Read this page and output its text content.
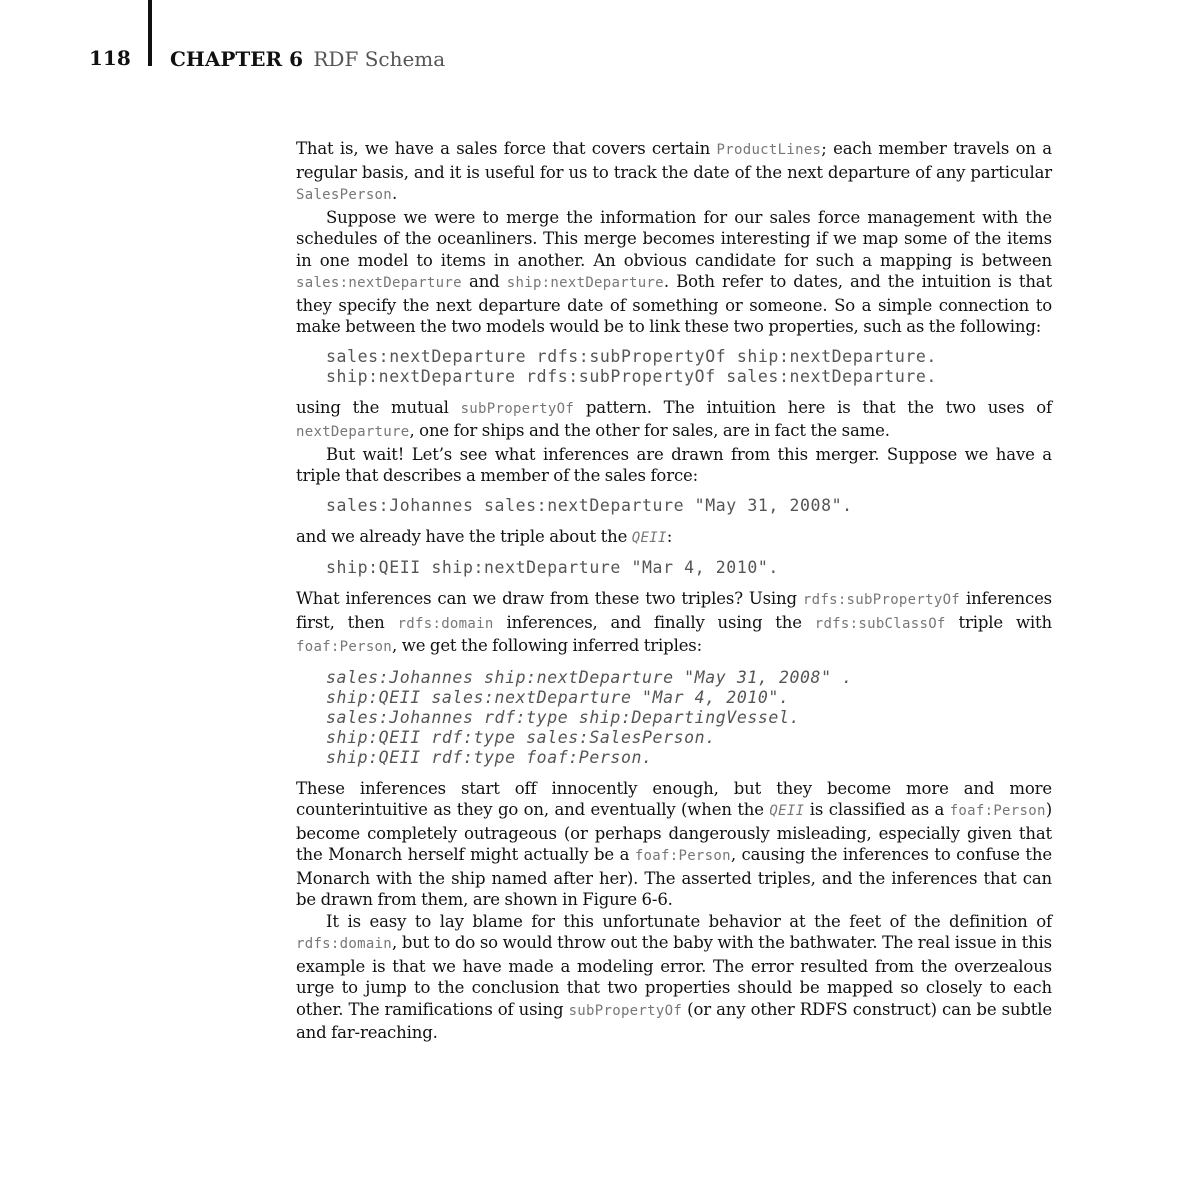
118 CHAPTER 6 RDF Schema

That is, we have a sales force that covers certain ProductLines; each member travels on a regular basis, and it is useful for us to track the date of the next departure of any particular SalesPerson.

Suppose we were to merge the information for our sales force management with the schedules of the oceanliners. This merge becomes interesting if we map some of the items in one model to items in another. An obvious candidate for such a mapping is between sales:nextDeparture and ship:nextDeparture. Both refer to dates, and the intuition is that they specify the next departure date of something or someone. So a simple connection to make between the two models would be to link these two properties, such as the following:

sales:nextDeparture rdfs:subPropertyOf ship:nextDeparture.
ship:nextDeparture rdfs:subPropertyOf sales:nextDeparture.

using the mutual subPropertyOf pattern. The intuition here is that the two uses of nextDeparture, one for ships and the other for sales, are in fact the same.

But wait! Let’s see what inferences are drawn from this merger. Suppose we have a triple that describes a member of the sales force:

sales:Johannes sales:nextDeparture "May 31, 2008".

and we already have the triple about the QEII:

ship:QEII ship:nextDeparture "Mar 4, 2010".

What inferences can we draw from these two triples? Using rdfs:subPropertyOf inferences first, then rdfs:domain inferences, and finally using the rdfs:subClassOf triple with foaf:Person, we get the following inferred triples:

sales:Johannes ship:nextDeparture "May 31, 2008" .
ship:QEII sales:nextDeparture "Mar 4, 2010".
sales:Johannes rdf:type ship:DepartingVessel.
ship:QEII rdf:type sales:SalesPerson.
ship:QEII rdf:type foaf:Person.

These inferences start off innocently enough, but they become more and more counterintuitive as they go on, and eventually (when the QEII is classified as a foaf:Person) become completely outrageous (or perhaps dangerously misleading, especially given that the Monarch herself might actually be a foaf:Person, causing the inferences to confuse the Monarch with the ship named after her). The asserted triples, and the inferences that can be drawn from them, are shown in Figure 6-6.

It is easy to lay blame for this unfortunate behavior at the feet of the definition of rdfs:domain, but to do so would throw out the baby with the bathwater. The real issue in this example is that we have made a modeling error. The error resulted from the overzealous urge to jump to the conclusion that two properties should be mapped so closely to each other. The ramifications of using subPropertyOf (or any other RDFS construct) can be subtle and far-reaching.
